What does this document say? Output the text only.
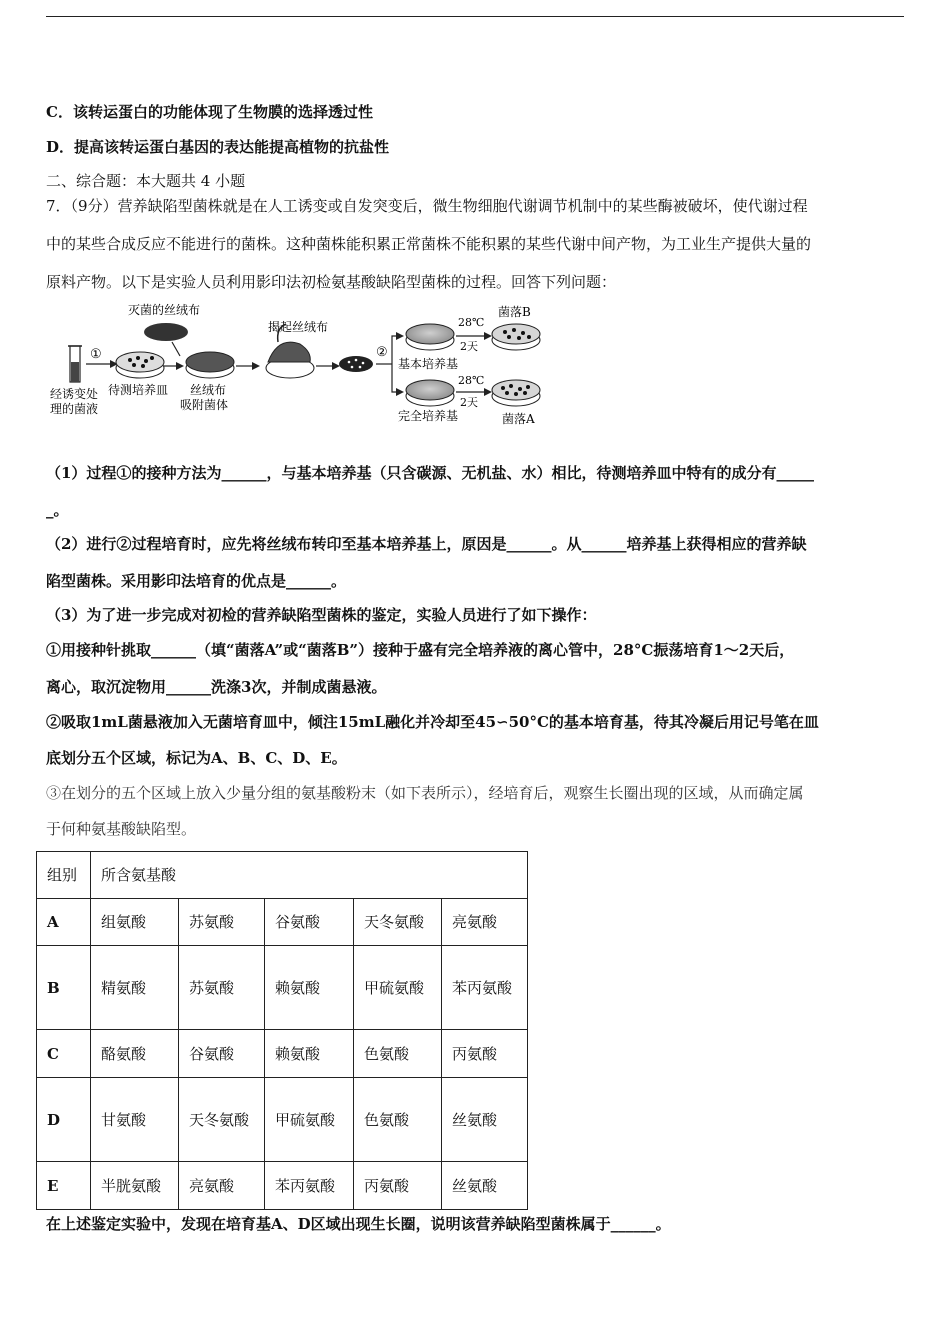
C．该转运蛋白的功能体现了生物膜的选择透过性
D．提高该转运蛋白基因的表达能提高植物的抗盐性
二、综合题：本大题共 4 小题
7．（9分）营养缺陷型菌株就是在人工诱变或自发突变后，微生物细胞代谢调节机制中的某些酶被破坏，使代谢过程
中的某些合成反应不能进行的菌株。这种菌株能积累正常菌株不能积累的某些代谢中间产物，为工业生产提供大量的
原料产物。以下是实验人员利用影印法初检氨基酸缺陷型菌株的过程。回答下列问题：
经诱变处
理的菌液
①
待测培养皿
灭菌的丝绒布
丝绒布
吸附菌体
揭起丝绒布
②
基本培养基
完全培养基
28℃
2天
28℃
2天
菌落B
菌落A
（1）过程①的接种方法为______，与基本培养基（只含碳源、无机盐、水）相比，待测培养皿中特有的成分有_____
_。
（2）进行②过程培育时，应先将丝绒布转印至基本培养基上，原因是______。从______培养基上获得相应的营养缺
陷型菌株。采用影印法培育的优点是______。
（3）为了进一步完成对初检的营养缺陷型菌株的鉴定，实验人员进行了如下操作：
①用接种针挑取______（填“菌落A”或“菌落B”）接种于盛有完全培养液的离心管中，28°C振荡培育1～2天后，
离心，取沉淀物用______洗涤3次，并制成菌悬液。
②吸取1mL菌悬液加入无菌培育皿中，倾注15mL融化并冷却至45∽50°C的基本培育基，待其冷凝后用记号笔在皿
底划分五个区域，标记为A、B、C、D、E。
③在划分的五个区域上放入少量分组的氨基酸粉末（如下表所示），经培育后，观察生长圈出现的区域，从而确定属
于何种氨基酸缺陷型。
组别	所含氨基酸				
A	组氨酸	苏氨酸	谷氨酸	天冬氨酸	亮氨酸
B	精氨酸	苏氨酸	赖氨酸	甲硫氨酸	苯丙氨酸
C	酪氨酸	谷氨酸	赖氨酸	色氨酸	丙氨酸
D	甘氨酸	天冬氨酸	甲硫氨酸	色氨酸	丝氨酸
E	半胱氨酸	亮氨酸	苯丙氨酸	丙氨酸	丝氨酸
在上述鉴定实验中，发现在培育基A、D区域出现生长圈，说明该营养缺陷型菌株属于______。
